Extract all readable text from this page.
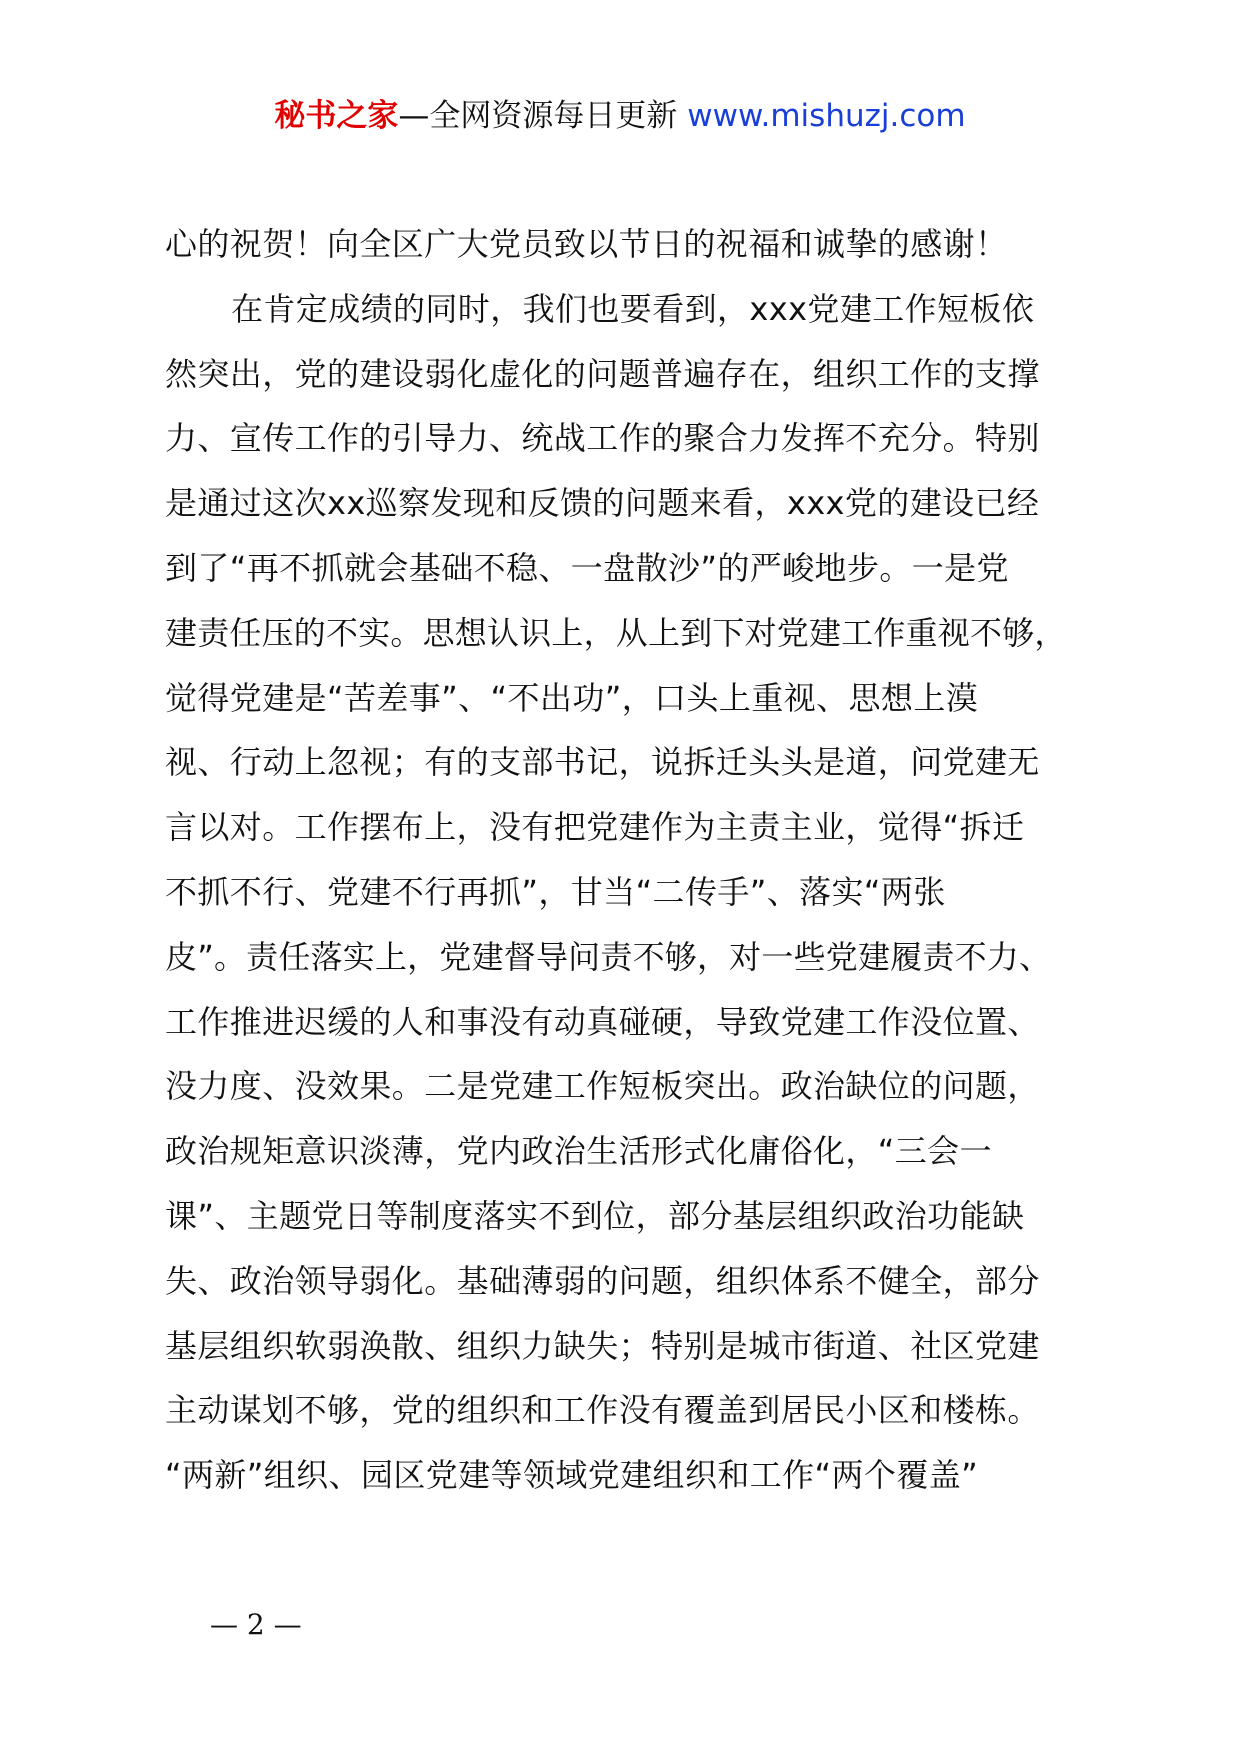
秘书之家—全网资源每日更新 www.mishuzj.com
心的祝贺！向全区广大党员致以节日的祝福和诚挚的感谢！
在肯定成绩的同时，我们也要看到，xxx党建工作短板依
然突出，党的建设弱化虚化的问题普遍存在，组织工作的支撑
力、宣传工作的引导力、统战工作的聚合力发挥不充分。特别
是通过这次xx巡察发现和反馈的问题来看，xxx党的建设已经
到了“再不抓就会基础不稳、一盘散沙”的严峻地步。一是党
建责任压的不实。思想认识上，从上到下对党建工作重视不够，
觉得党建是“苦差事”、“不出功”，口头上重视、思想上漠
视、行动上忽视；有的支部书记，说拆迁头头是道，问党建无
言以对。工作摆布上，没有把党建作为主责主业，觉得“拆迁
不抓不行、党建不行再抓”，甘当“二传手”、落实“两张
皮”。责任落实上，党建督导问责不够，对一些党建履责不力、
工作推进迟缓的人和事没有动真碰硬，导致党建工作没位置、
没力度、没效果。二是党建工作短板突出。政治缺位的问题，
政治规矩意识淡薄，党内政治生活形式化庸俗化，“三会一
课”、主题党日等制度落实不到位，部分基层组织政治功能缺
失、政治领导弱化。基础薄弱的问题，组织体系不健全，部分
基层组织软弱涣散、组织力缺失；特别是城市街道、社区党建
主动谋划不够，党的组织和工作没有覆盖到居民小区和楼栋。
“两新”组织、园区党建等领域党建组织和工作“两个覆盖”
— 2 —
